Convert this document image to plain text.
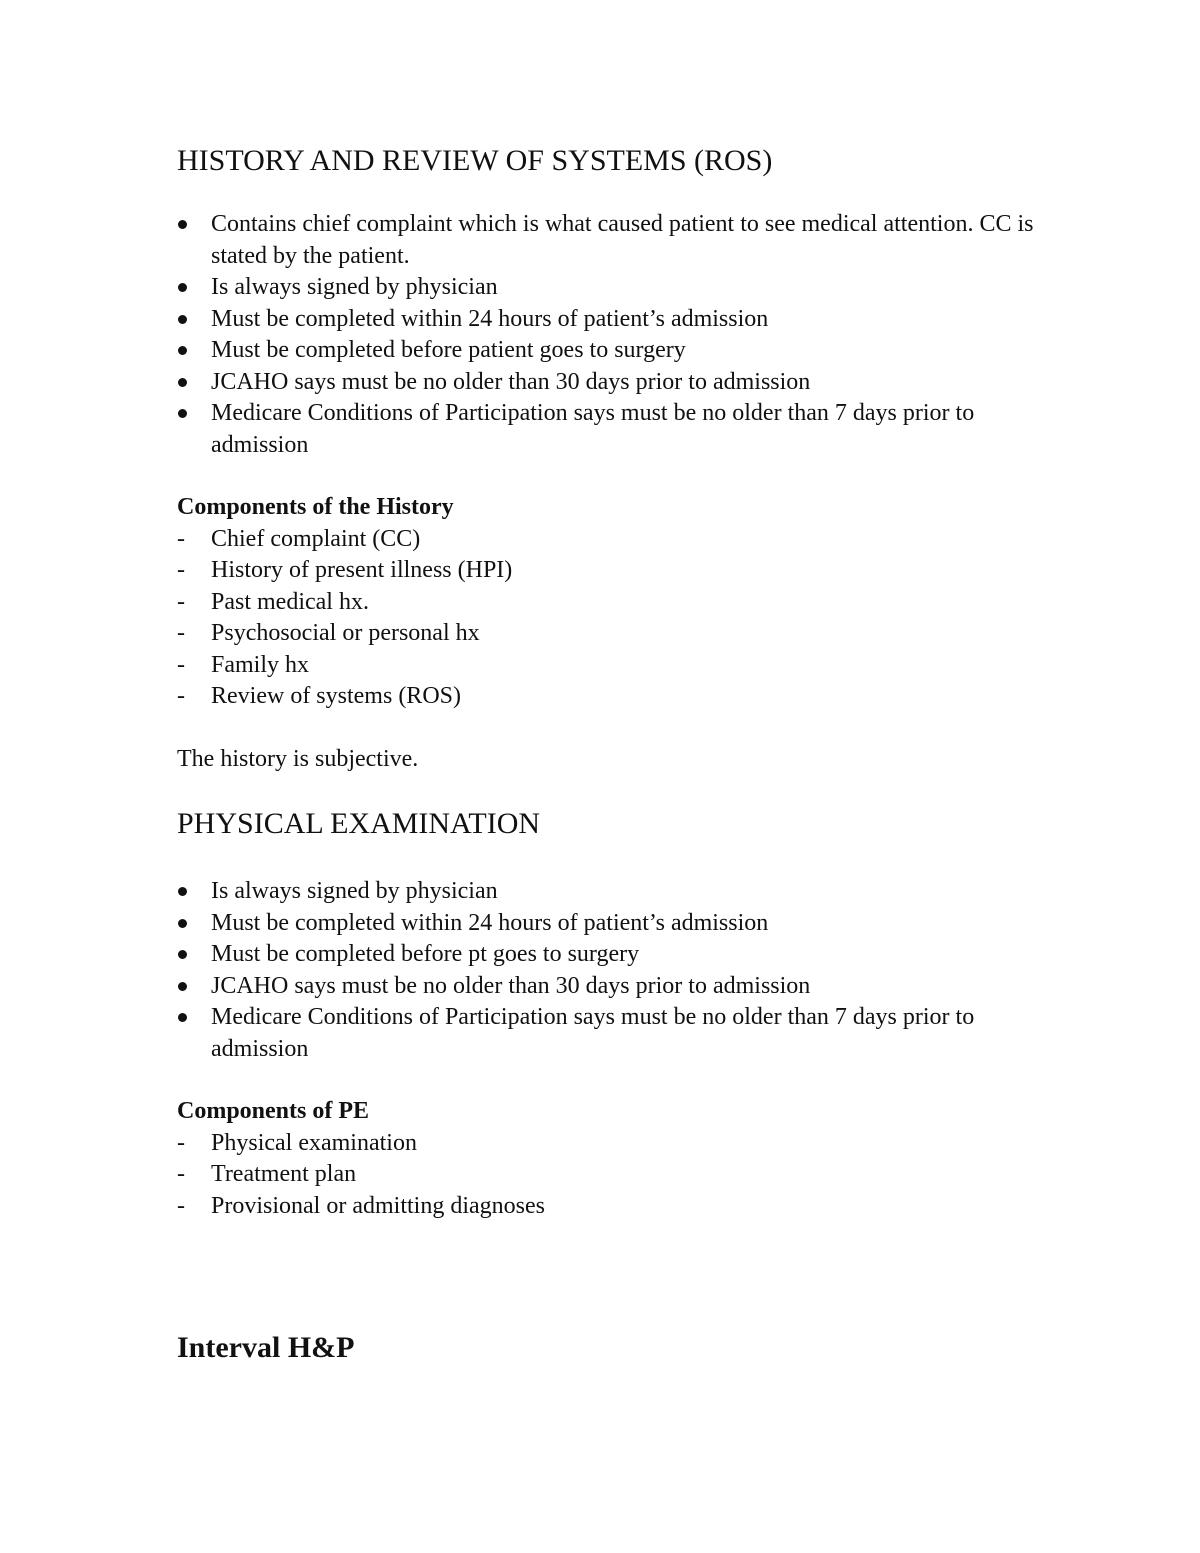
HISTORY AND REVIEW OF SYSTEMS (ROS)
Contains chief complaint which is what caused patient to see medical attention. CC is stated by the patient.
Is always signed by physician
Must be completed within 24 hours of patient’s admission
Must be completed before patient goes to surgery
JCAHO says must be no older than 30 days prior to admission
Medicare Conditions of Participation says must be no older than 7 days prior to admission
Components of the History
- Chief complaint (CC)
- History of present illness (HPI)
- Past medical hx.
- Psychosocial or personal hx
- Family hx
- Review of systems (ROS)

The history is subjective.

PHYSICAL EXAMINATION
Is always signed by physician
Must be completed within 24 hours of patient’s admission
Must be completed before pt goes to surgery
JCAHO says must be no older than 30 days prior to admission
Medicare Conditions of Participation says must be no older than 7 days prior to admission
Components of PE
- Physical examination
- Treatment plan
- Provisional or admitting diagnoses
Interval H&P
